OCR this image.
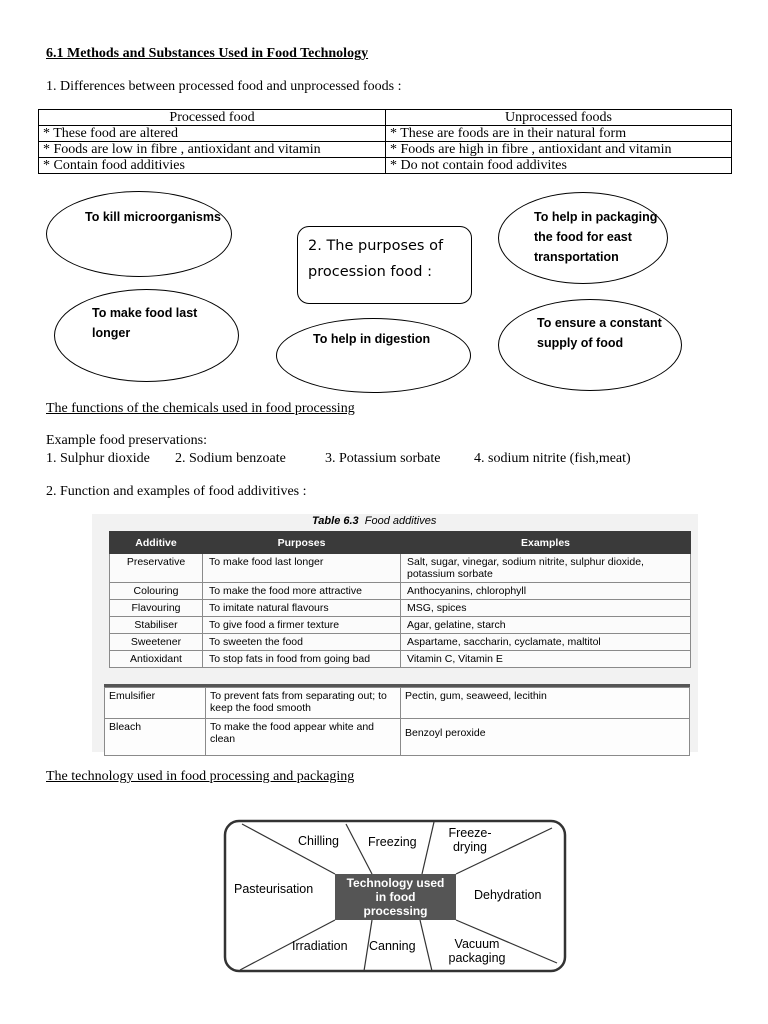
6.1 Methods and Substances Used in Food Technology
1. Differences between processed food and unprocessed foods :
Processed food	Unprocessed foods
* These food are altered	* These are foods are in their natural form
* Foods are low in fibre , antioxidant and vitamin	* Foods are high in fibre , antioxidant and vitamin
* Contain food additivies	* Do not contain food addivites
To kill microorganisms	To help in packaging
the food for east
transportation
To make food last
longer	To help in digestion
To ensure a constant
supply of food
2. The purposes of
procession food :
The functions of the chemicals used in food processing
Example food preservations:
1. Sulphur dioxide 2. Sodium benzoate	3. Potassium sorbate 4. sodium nitrite (fish,meat)
2. Function and examples of food addivitives :
Table 6.3 Food additives
Additive	Purposes	Examples
Preservative	To make food last longer	Salt, sugar, vinegar, sodium nitrite, sulphur dioxide, potassium sorbate
Colouring	To make the food more attractive	Anthocyanins, chlorophyll
Flavouring	To imitate natural flavours	MSG, spices
Stabiliser	To give food a firmer texture	Agar, gelatine, starch
Sweetener	To sweeten the food	Aspartame, saccharin, cyclamate, maltitol
Antioxidant	To stop fats in food from going bad	Vitamin C, Vitamin E
Emulsifier	To prevent fats from separating out; to keep the food smooth	Pectin, gum, seaweed, lecithin
Bleach	To make the food appear white and clean	Benzoyl peroxide
The technology used in food processing and packaging
Technology used
in food
processing
Chilling Freezing
Freeze-
drying
Pasteurisation	Dehydration
Irradiation Canning	Vacuum
packaging
